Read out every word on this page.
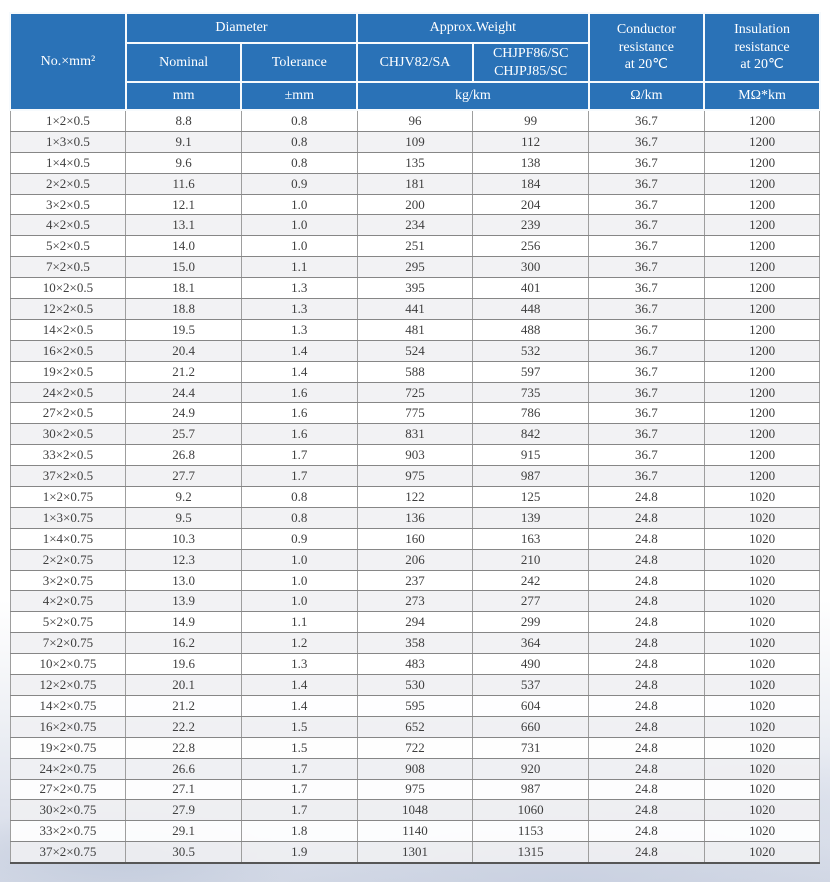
No.×mm²	Diameter		Approx.Weight		Conductor
resistance
at 20℃	Insulation
resistance
at 20℃

	Nominal	Tolerance	CHJV82/SA	CHJPF86/SC
CHJPJ85/SC		

	mm	±mm	kg/km		Ω/km	MΩ*km
1×2×0.5	8.8	0.8	96	99	36.7	1200
1×3×0.5	9.1	0.8	109	112	36.7	1200
1×4×0.5	9.6	0.8	135	138	36.7	1200
2×2×0.5	11.6	0.9	181	184	36.7	1200
3×2×0.5	12.1	1.0	200	204	36.7	1200
4×2×0.5	13.1	1.0	234	239	36.7	1200
5×2×0.5	14.0	1.0	251	256	36.7	1200
7×2×0.5	15.0	1.1	295	300	36.7	1200
10×2×0.5	18.1	1.3	395	401	36.7	1200
12×2×0.5	18.8	1.3	441	448	36.7	1200
14×2×0.5	19.5	1.3	481	488	36.7	1200
16×2×0.5	20.4	1.4	524	532	36.7	1200
19×2×0.5	21.2	1.4	588	597	36.7	1200
24×2×0.5	24.4	1.6	725	735	36.7	1200
27×2×0.5	24.9	1.6	775	786	36.7	1200
30×2×0.5	25.7	1.6	831	842	36.7	1200
33×2×0.5	26.8	1.7	903	915	36.7	1200
37×2×0.5	27.7	1.7	975	987	36.7	1200
1×2×0.75	9.2	0.8	122	125	24.8	1020
1×3×0.75	9.5	0.8	136	139	24.8	1020
1×4×0.75	10.3	0.9	160	163	24.8	1020
2×2×0.75	12.3	1.0	206	210	24.8	1020
3×2×0.75	13.0	1.0	237	242	24.8	1020
4×2×0.75	13.9	1.0	273	277	24.8	1020
5×2×0.75	14.9	1.1	294	299	24.8	1020
7×2×0.75	16.2	1.2	358	364	24.8	1020
10×2×0.75	19.6	1.3	483	490	24.8	1020
12×2×0.75	20.1	1.4	530	537	24.8	1020
14×2×0.75	21.2	1.4	595	604	24.8	1020
16×2×0.75	22.2	1.5	652	660	24.8	1020
19×2×0.75	22.8	1.5	722	731	24.8	1020
24×2×0.75	26.6	1.7	908	920	24.8	1020
27×2×0.75	27.1	1.7	975	987	24.8	1020
30×2×0.75	27.9	1.7	1048	1060	24.8	1020
33×2×0.75	29.1	1.8	1140	1153	24.8	1020
37×2×0.75	30.5	1.9	1301	1315	24.8	1020
